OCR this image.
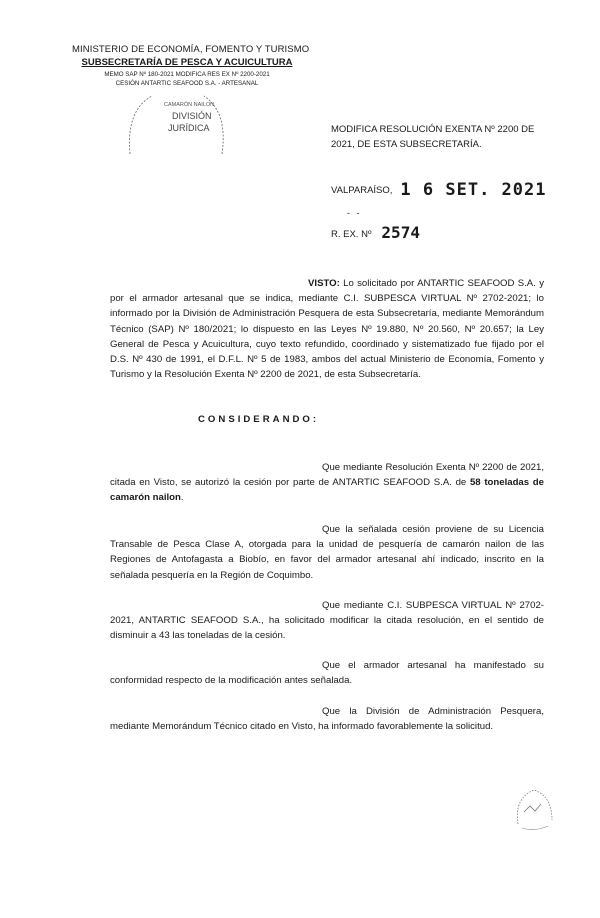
MINISTERIO DE ECONOMÍA, FOMENTO Y TURISMO
SUBSECRETARÍA DE PESCA Y ACUICULTURA
MEMO SAP Nº 180-2021 MODIFICA RES EX Nº 2200-2021
CESIÓN ANTARTIC SEAFOOD S.A. - ARTESANAL
CAMARÓN NAILON
DIVISIÓN
JURÍDICA	MODIFICA RESOLUCIÓN EXENTA Nº 2200 DE 2021, DE ESTA SUBSECRETARÍA.
VALPARAÍSO, 1 6 SET. 2021
- -
R. EX. Nº 2574
VISTO: Lo solicitado por ANTARTIC SEAFOOD S.A. y por el armador artesanal que se indica, mediante C.I. SUBPESCA VIRTUAL Nº 2702-2021; lo informado por la División de Administración Pesquera de esta Subsecretaría, mediante Memorándum Técnico (SAP) Nº 180/2021; lo dispuesto en las Leyes Nº 19.880, Nº 20.560, Nº 20.657; la Ley General de Pesca y Acuicultura, cuyo texto refundido, coordinado y sistematizado fue fijado por el D.S. Nº 430 de 1991, el D.F.L. Nº 5 de 1983, ambos del actual Ministerio de Economía, Fomento y Turismo y la Resolución Exenta Nº 2200 de 2021, de esta Subsecretaría.
CONSIDERANDO:
Que mediante Resolución Exenta Nº 2200 de 2021, citada en Visto, se autorizó la cesión por parte de ANTARTIC SEAFOOD S.A. de 58 toneladas de camarón nailon.
Que la señalada cesión proviene de su Licencia Transable de Pesca Clase A, otorgada para la unidad de pesquería de camarón nailon de las Regiones de Antofagasta a Biobío, en favor del armador artesanal ahí indicado, inscrito en la señalada pesquería en la Región de Coquimbo.
Que mediante C.I. SUBPESCA VIRTUAL Nº 2702-2021, ANTARTIC SEAFOOD S.A., ha solicitado modificar la citada resolución, en el sentido de disminuir a 43 las toneladas de la cesión.
Que el armador artesanal ha manifestado su conformidad respecto de la modificación antes señalada.
Que la División de Administración Pesquera, mediante Memorándum Técnico citado en Visto, ha informado favorablemente la solicitud.
